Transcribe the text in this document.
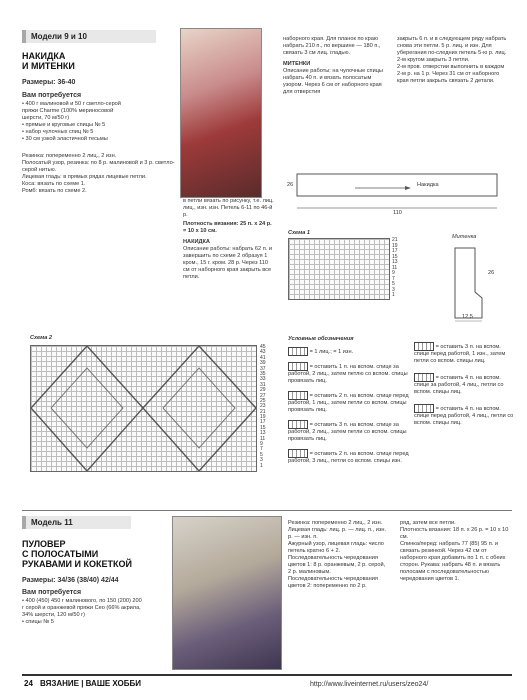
Модели 9 и 10
НАКИДКА
И МИТЕНКИ
Размеры: 36-40
Вам потребуется
• 400 г малиновой и 50 г светло-серой пряжи Charme (100% мериносовой шерсти, 70 м/50 г)
• прямые и круговые спицы № 5
• набор чулочных спиц № 5
• 30 см узкой эластичной тесьмы
Резинка: попеременно 2 лиц., 2 изн.
Полосатый узор, резинка: по 8 р. малиновой и 3 р. светло-серой нитью.
Лицевая гладь: в прямых рядах лицевые петли.
Коса: вязать по схеме 1.
Ромб: вязать по схеме 2.
в петли вязать по рисунку, т.е. лиц. лиц., изн. изн. Петель 6-11 по 46-й р.
Плотность вязания: 25 п. x 24 р. = 10 x 10 см.
НАКИДКА
Описание работы: набрать 62 п. и завершить по схеме 2 образуя 1 кром., 15 г. кром. 28 р. Через 110 см от наборного края закрыть все петли.
наборного края. Для планок по краю набрать 210 п., по вершине — 180 п., связать 3 см лиц. гладью.
МИТЕНКИ
Описание работы: на чулочные спицы набрать 40 п. и вязать полосатым узором. Через 6 см от наборного края для отверстия
закрыть 6 п. и в следующем ряду набрать снова эти петли. 5 р. лиц. и изн. Для уберегания по-следних петель 5-ю р. лиц. 2-м кругом закрыть 3 петли.
2-м пров. отверстии выполнить в каждом 2-м р. на 1 р. Через 31 см от наборного края петли закрыть связать 2 детали.
Накидка
26
110
Схема 1
21
19
17
15
13
11
9
7
5
3
1
Митенка
26
12,5
Схема 2
45
43
41
39
37
35
33
31
29
27
25
23
21
19
17
15
13
11
9
7
5
3
1
Условные обозначения
= 1 лиц.; = 1 изн.
= оставить 1 п. на вспом. спице за работой, 2 лиц., затем петлю со вспом. спицы провязать лиц.
= оставить 2 п. на вспом. спице перед работой, 1 лиц., затем петли со вспом. спицы провязать лиц.
= оставить 3 п. на вспом. спице за работой, 2 лиц., затем петли со вспом. спицы провязать лиц.
= оставить 2 п. на вспом. спице перед работой, 3 лиц., петли со вспом. спицы изн.
= оставить 3 п. на вспом. спице перед работой, 1 изн., затем петли со вспом. спицы лиц.
= оставить 4 п. на вспом. спице за работой, 4 лиц., петли со вспом. спицы лиц.
= оставить 4 п. на вспом. спице перед работой, 4 лиц., петли со вспом. спицы лиц.
Модель 11
ПУЛОВЕР
С ПОЛОСАТЫМИ
РУКАВАМИ И КОКЕТКОЙ
Размеры: 34/36 (38/40) 42/44
Вам потребуется
• 400 (450) 450 г малинового, по 150 (200) 200 г серой и оранжевой пряжи Ceo (66% акрила, 34% шерсти, 120 м/50 г)
• спицы № 5
Резинка: попеременно 2 лиц., 2 изн.
Лицевая гладь: лиц. р. — лиц. п., изн. р. — изн. п.
Ажурный узор, лицевая гладь: число петель кратно 6 + 2.
Последовательность чередования цветов 1: 8 р. оранжевым, 2 р. серой, 2 р. малиновым.
Последовательность чередования цветов 2: попеременно по 2 р.
ряд, затем все петли.
Плотность вязания: 18 п. x 26 р. = 10 x 10 см.
Спинка/перед: набрать 77 (85) 95 п. и связать резинкой. Через 42 см от наборного края добавить по 1 п. с обеих сторон. Рукава: набрать 48 п. и вязать полосами с последовательностью чередования цветов 1.
24 ВЯЗАНИЕ | ВАШЕ ХОББИ	http://www.liveinternet.ru/users/zeo24/
